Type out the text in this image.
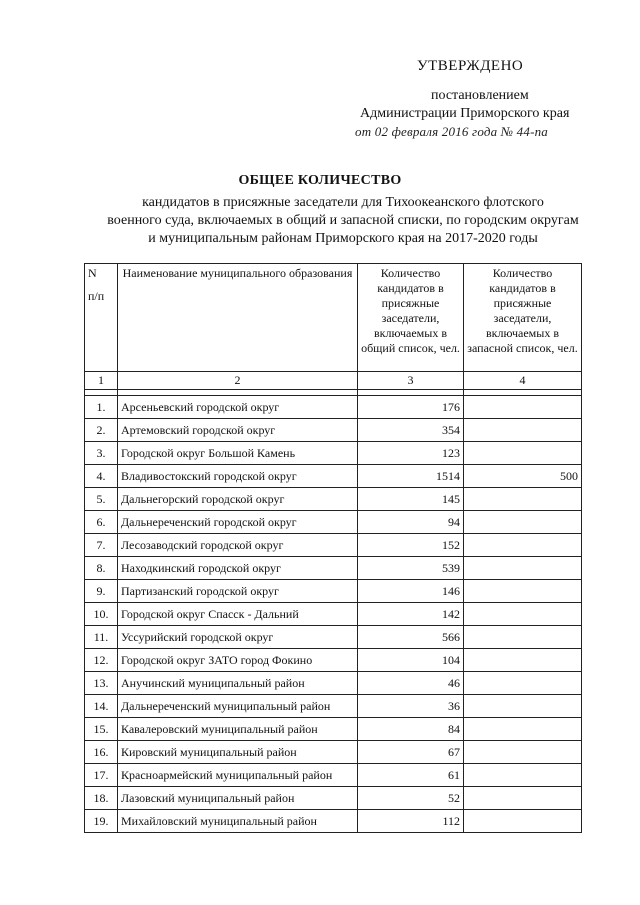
УТВЕРЖДЕНО
постановлением
Администрации Приморского края
от 02 февраля 2016 года № 44-па
ОБЩЕЕ КОЛИЧЕСТВО
кандидатов в присяжные заседатели для Тихоокеанского флотского
военного суда, включаемых в общий и запасной списки, по городским округам
и муниципальным районам Приморского края на 2017-2020 годы
N
п/п	Наименование муниципального образования	Количество кандидатов в присяжные заседатели, включаемых в общий список, чел.	Количество кандидатов в присяжные заседатели, включаемых в запасной список, чел.
1	2	3	4

1.	Арсеньевский городской округ	176	
2.	Артемовский городской округ	354	
3.	Городской округ Большой Камень	123	
4.	Владивостокский городской округ	1514	500
5.	Дальнегорский городской округ	145	
6.	Дальнереченский городской округ	94	
7.	Лесозаводский городской округ	152	
8.	Находкинский городской округ	539	
9.	Партизанский городской округ	146	
10.	Городской округ Спасск - Дальний	142	
11.	Уссурийский городской округ	566	
12.	Городской округ ЗАТО город Фокино	104	
13.	Анучинский муниципальный район	46	
14.	Дальнереченский муниципальный район	36	
15.	Кавалеровский муниципальный район	84	
16.	Кировский муниципальный район	67	
17.	Красноармейский муниципальный район	61	
18.	Лазовский муниципальный район	52	
19.	Михайловский муниципальный район	112	
